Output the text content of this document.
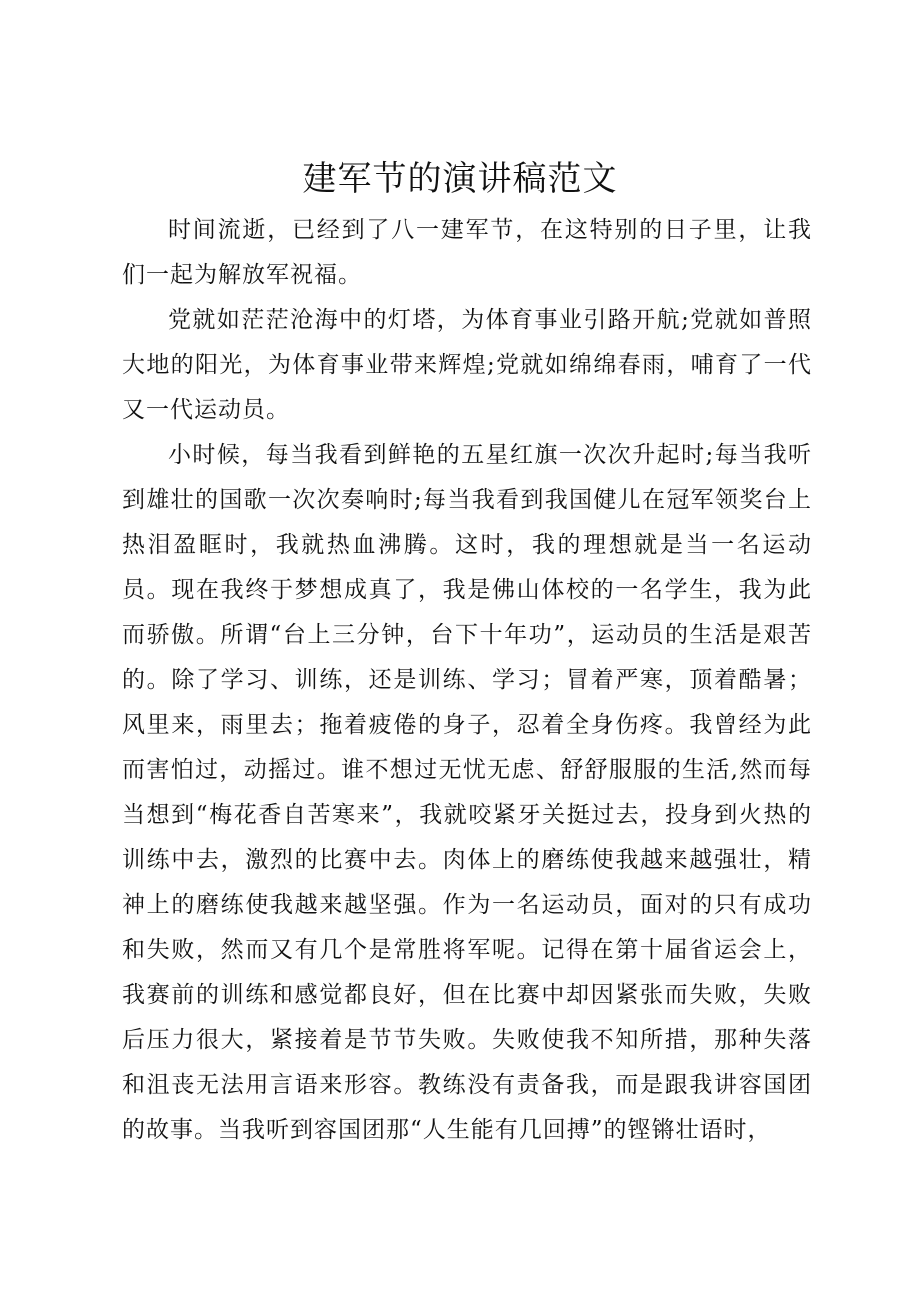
建军节的演讲稿范文

时间流逝，已经到了八一建军节，在这特别的日子里，让我们一起为解放军祝福。

党就如茫茫沧海中的灯塔，为体育事业引路开航;党就如普照大地的阳光，为体育事业带来辉煌;党就如绵绵春雨，哺育了一代又一代运动员。

小时候，每当我看到鲜艳的五星红旗一次次升起时;每当我听到雄壮的国歌一次次奏响时;每当我看到我国健儿在冠军领奖台上热泪盈眶时，我就热血沸腾。这时，我的理想就是当一名运动员。现在我终于梦想成真了，我是佛山体校的一名学生，我为此而骄傲。所谓“台上三分钟，台下十年功”，运动员的生活是艰苦的。除了学习、训练，还是训练、学习；冒着严寒，顶着酷暑；风里来，雨里去；拖着疲倦的身子，忍着全身伤疼。我曾经为此而害怕过，动摇过。谁不想过无忧无虑、舒舒服服的生活,然而每当想到“梅花香自苦寒来”，我就咬紧牙关挺过去，投身到火热的训练中去，激烈的比赛中去。肉体上的磨练使我越来越强壮，精神上的磨练使我越来越坚强。作为一名运动员，面对的只有成功和失败，然而又有几个是常胜将军呢。记得在第十届省运会上，我赛前的训练和感觉都良好，但在比赛中却因紧张而失败，失败后压力很大，紧接着是节节失败。失败使我不知所措，那种失落和沮丧无法用言语来形容。教练没有责备我，而是跟我讲容国团的故事。当我听到容国团那“人生能有几回搏”的铿锵壮语时，
